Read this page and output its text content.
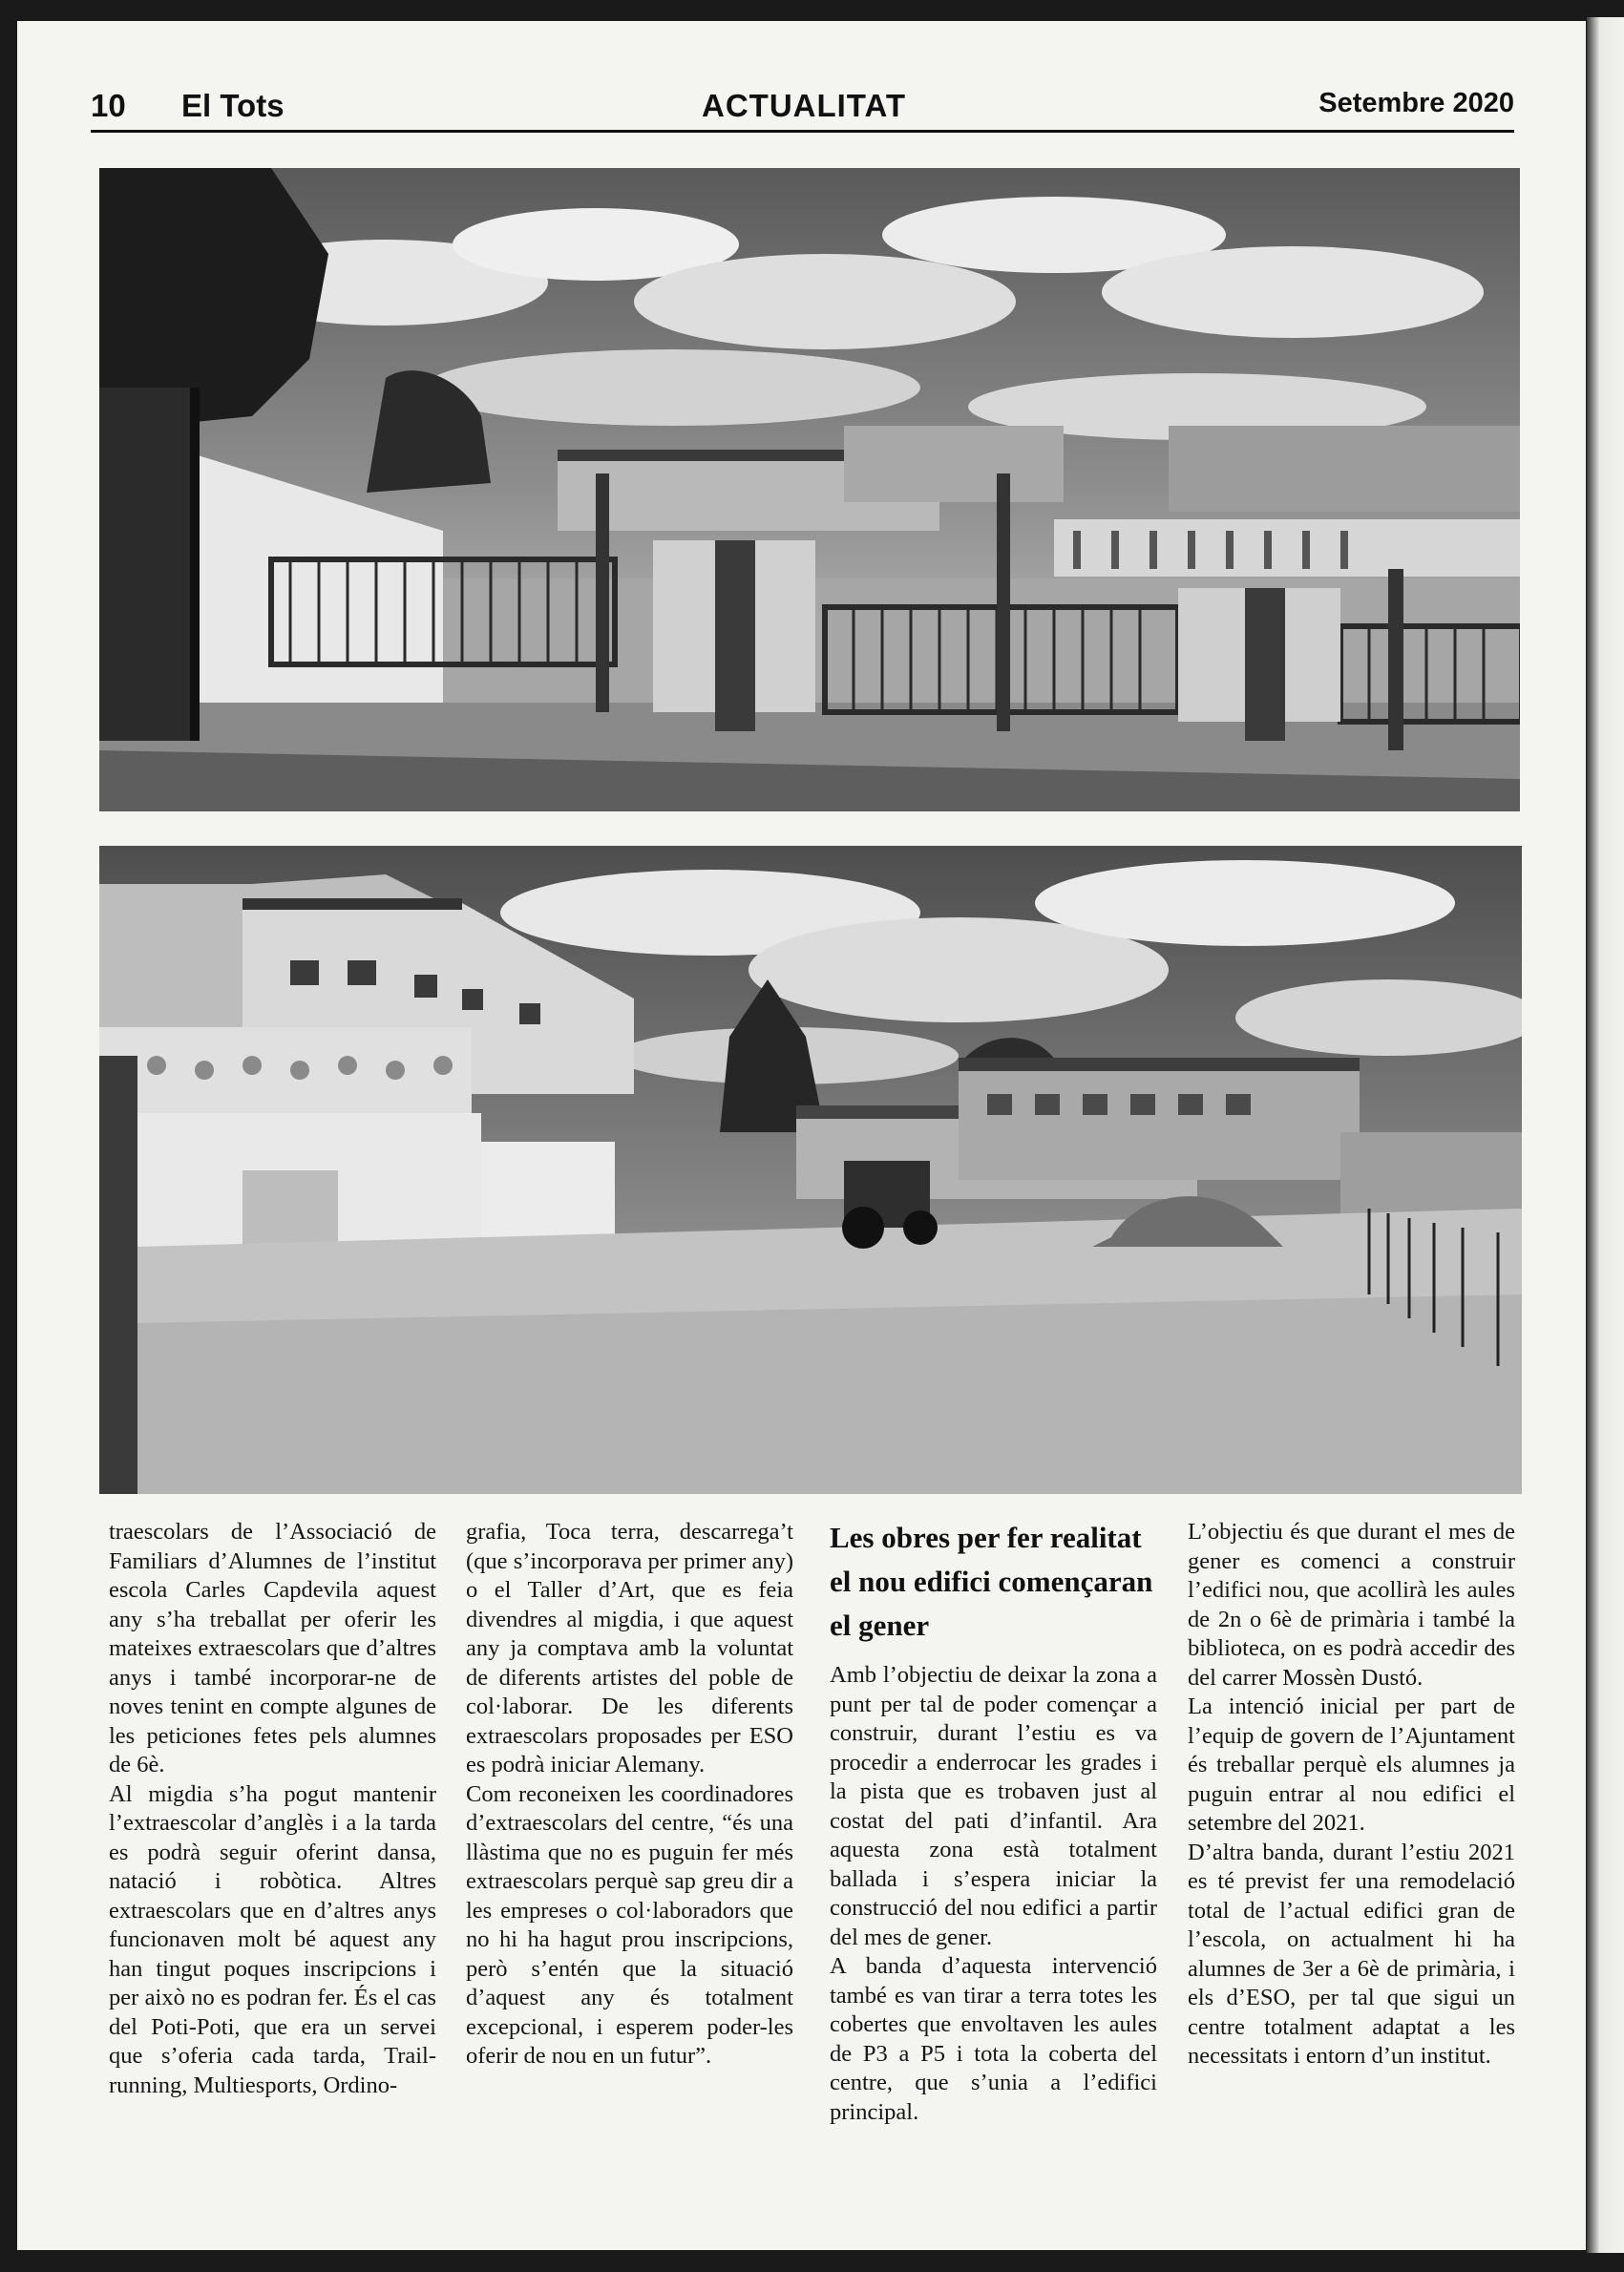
10 El Tots	ACTUALITAT	Setembre 2020

traescolars de l’Associació de Familiars d’Alumnes de l’institut escola Carles Capdevila aquest any s’ha treballat per oferir les mateixes extraescolars que d’altres anys i també incorporar-ne de noves tenint en compte algunes de les peticiones fetes pels alumnes de 6è.

Al migdia s’ha pogut mantenir l’extraescolar d’anglès i a la tarda es podrà seguir oferint dansa, natació i robòtica. Altres extraescolars que en d’altres anys funcionaven molt bé aquest any han tingut poques inscripcions i per això no es podran fer. És el cas del Poti-Poti, que era un servei que s’oferia cada tarda, Trail-running, Multiesports, Ordino-

grafia, Toca terra, descarrega’t (que s’incorporava per primer any) o el Taller d’Art, que es feia divendres al migdia, i que aquest any ja comptava amb la voluntat de diferents artistes del poble de col·laborar. De les diferents extraescolars proposades per ESO es podrà iniciar Alemany.

Com reconeixen les coordinadores d’extraescolars del centre, “és una llàstima que no es puguin fer més extraescolars perquè sap greu dir a les empreses o col·laboradors que no hi ha hagut prou inscripcions, però s’entén que la situació d’aquest any és totalment excepcional, i esperem poder-les oferir de nou en un futur”.

Les obres per fer realitat el nou edifici començaran el gener

Amb l’objectiu de deixar la zona a punt per tal de poder començar a construir, durant l’estiu es va procedir a enderrocar les grades i la pista que es trobaven just al costat del pati d’infantil. Ara aquesta zona està totalment ballada i s’espera iniciar la construcció del nou edifici a partir del mes de gener.

A banda d’aquesta intervenció també es van tirar a terra totes les cobertes que envoltaven les aules de P3 a P5 i tota la coberta del centre, que s’unia a l’edifici principal.

L’objectiu és que durant el mes de gener es comenci a construir l’edifici nou, que acollirà les aules de 2n o 6è de primària i també la biblioteca, on es podrà accedir des del carrer Mossèn Dustó.

La intenció inicial per part de l’equip de govern de l’Ajuntament és treballar perquè els alumnes ja puguin entrar al nou edifici el setembre del 2021.

D’altra banda, durant l’estiu 2021 es té previst fer una remodelació total de l’actual edifici gran de l’escola, on actualment hi ha alumnes de 3er a 6è de primària, i els d’ESO, per tal que sigui un centre totalment adaptat a les necessitats i entorn d’un institut.
